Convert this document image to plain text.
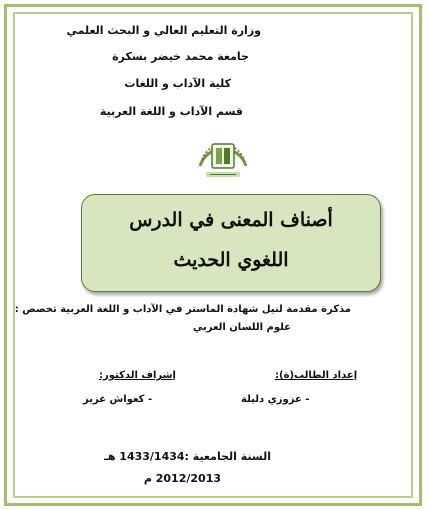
وزارة التعليم العالي و البحث العلمي
جامعة محمد خيضر بسكرة
كلية الآداب و اللغات
قسم الآداب و اللغة العربية
أصناف المعنى في الدرس
اللغوي الحديث
مذكرة مقدمة لنيل شهادة الماستر في الآداب و اللغة العربية تخصص :
علوم اللسان العربي
إعداد الطالب(ة):
إشراف الدكتور:
- عزوزي دليلة
- كعواش عزيز
السنة الجامعية :1433/1434 هـ
2012/2013 م
